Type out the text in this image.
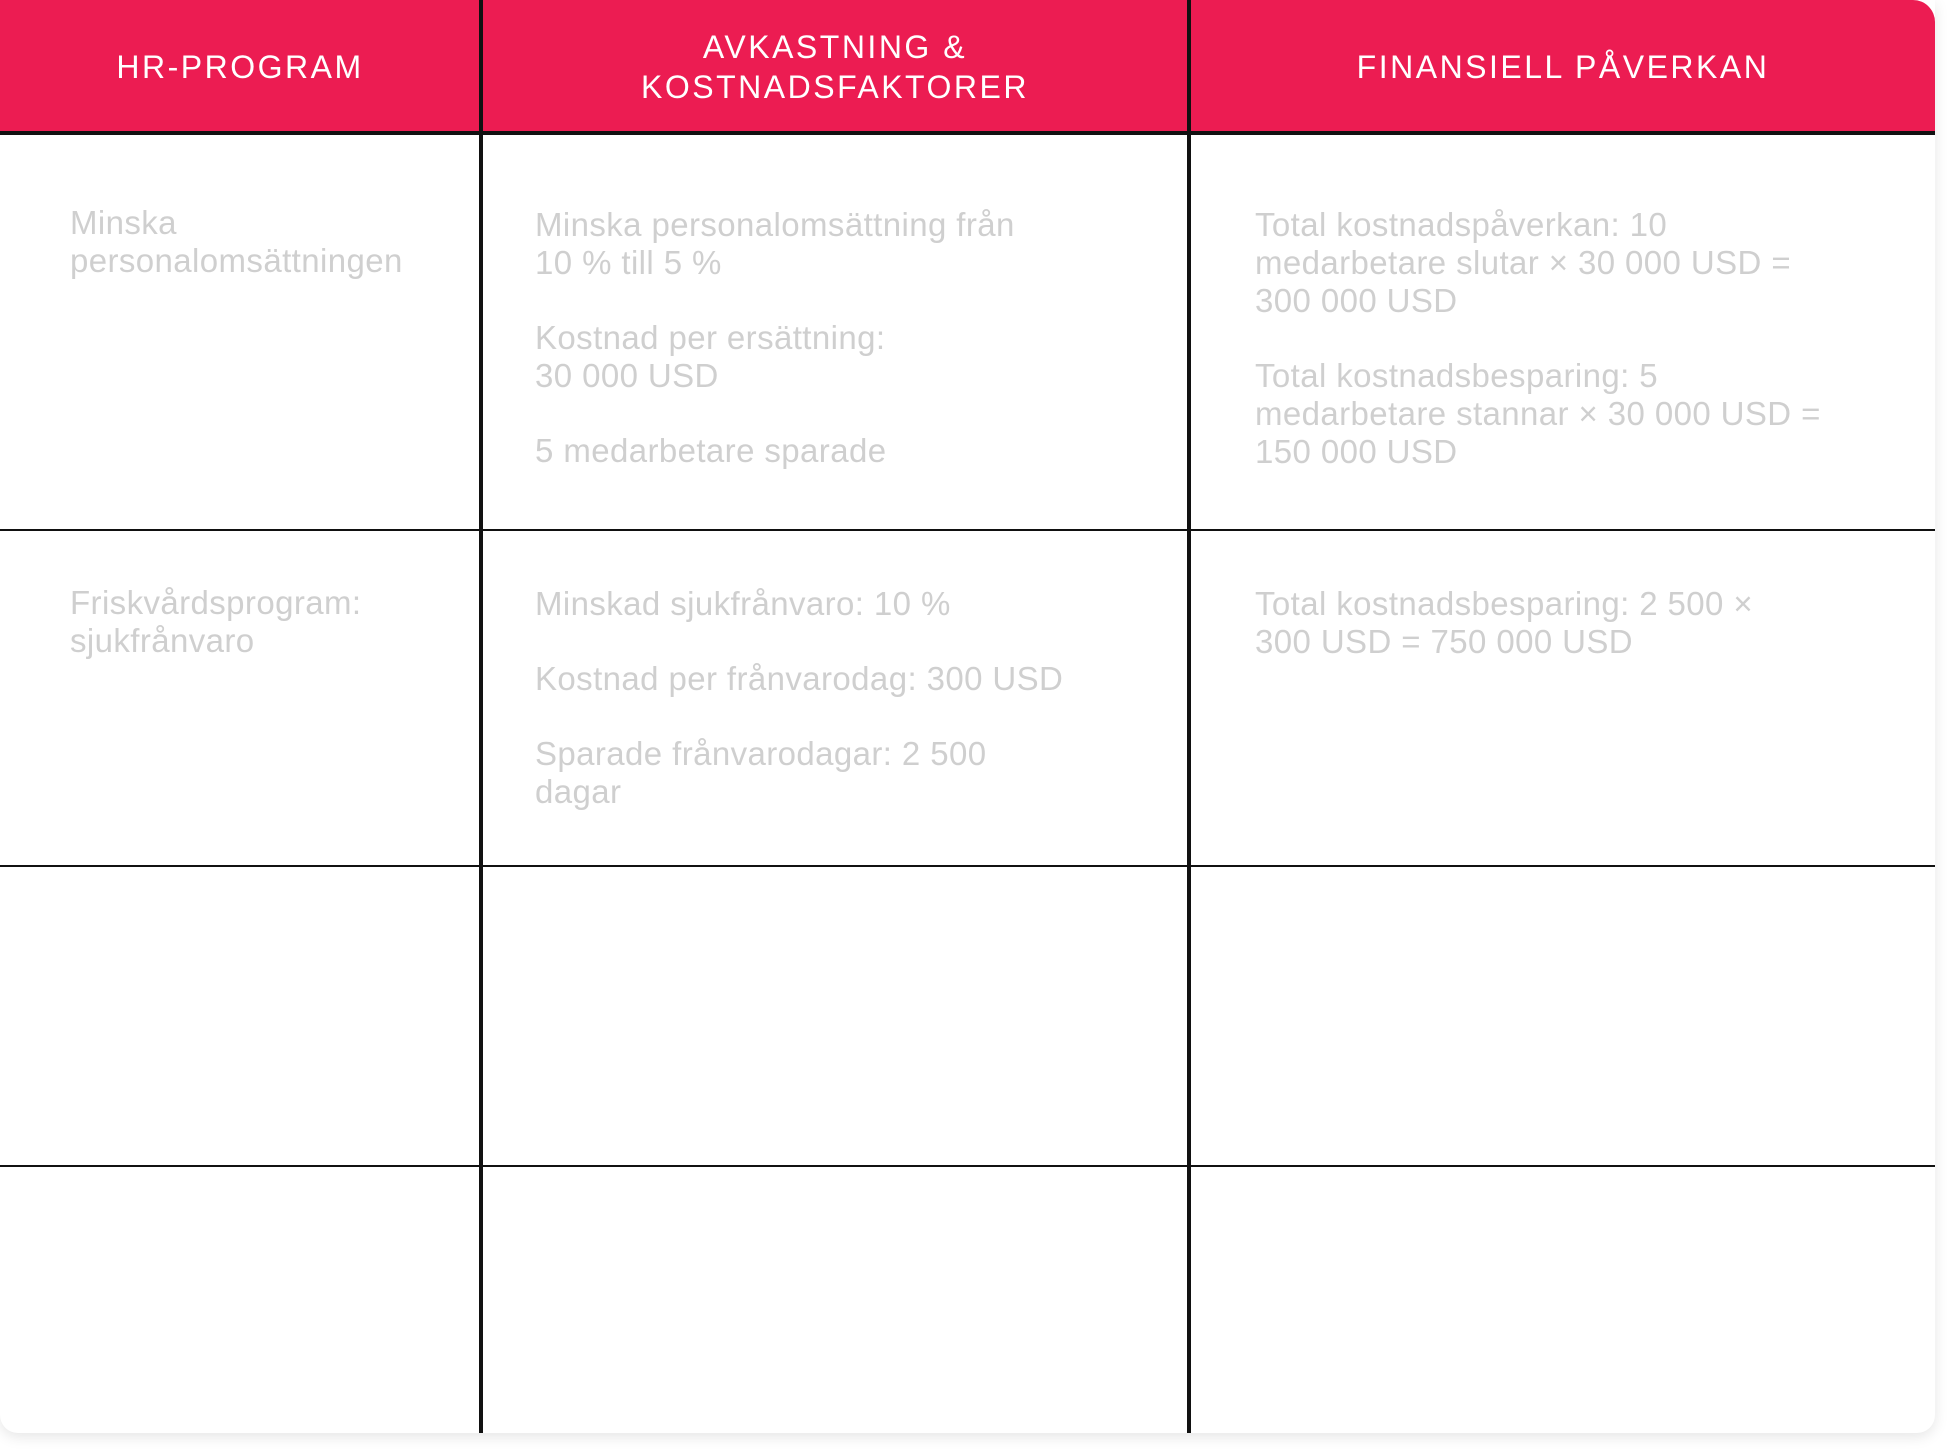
HR-PROGRAM
AVKASTNING &
KOSTNADSFAKTORER
FINANSIELL PÅVERKAN

Minska
personalomsättningen

Minska personalomsättning från
10 % till 5 %

Kostnad per ersättning:
30 000 USD

5 medarbetare sparade

Total kostnadspåverkan: 10
medarbetare slutar × 30 000 USD =
300 000 USD

Total kostnadsbesparing: 5
medarbetare stannar × 30 000 USD =
150 000 USD

Friskvårdsprogram:
sjukfrånvaro

Minskad sjukfrånvaro: 10 %

Kostnad per frånvarodag: 300 USD

Sparade frånvarodagar: 2 500
dagar

Total kostnadsbesparing: 2 500 ×
300 USD = 750 000 USD
